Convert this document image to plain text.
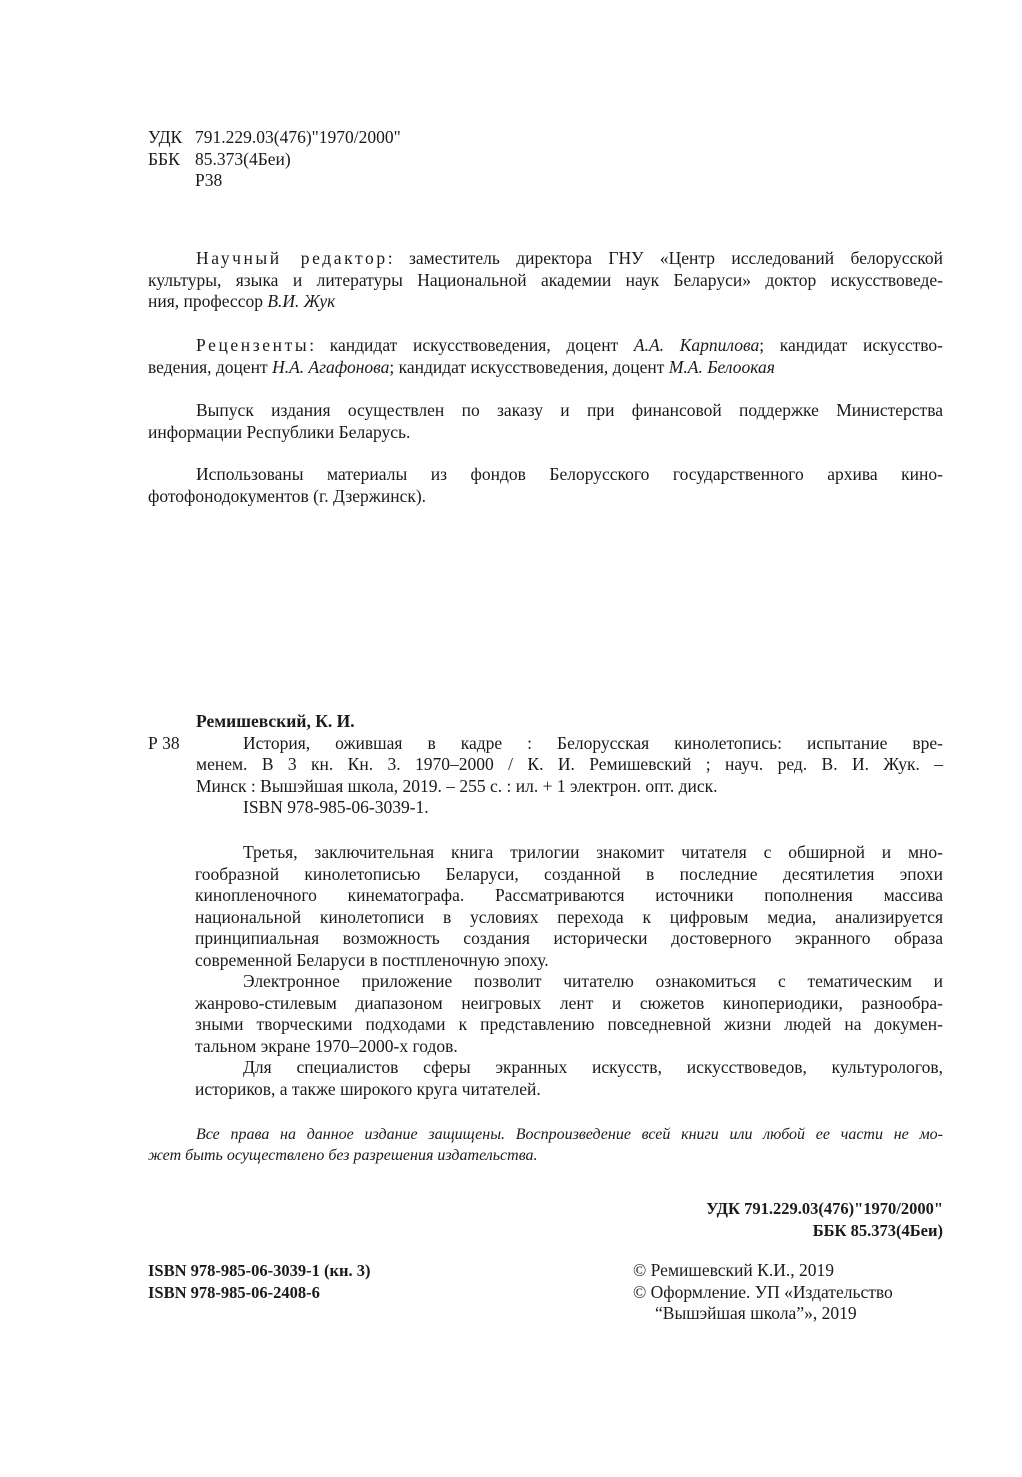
УДК 791.229.03(476)"1970/2000"
ББК 85.373(4Беи)
Р38
Научный редактор: заместитель директора ГНУ «Центр исследований белорусской
культуры, языка и литературы Национальной академии наук Беларуси» доктор искусствоведе-
ния, профессор В.И. Жук
Рецензенты: кандидат искусствоведения, доцент А.А. Карпилова; кандидат искусство-
ведения, доцент Н.А. Агафонова; кандидат искусствоведения, доцент М.А. Белоокая
Выпуск издания осуществлен по заказу и при финансовой поддержке Министерства
информации Республики Беларусь.
Использованы материалы из фондов Белорусского государственного архива кино-
фотофонодокументов (г. Дзержинск).
Ремишевский, К. И.
Р 38	История, ожившая в кадре : Белорусская кинолетопись: испытание вре-
менем. В 3 кн. Кн. 3. 1970–2000 / К. И. Ремишевский ; науч. ред. В. И. Жук. –
Минск : Вышэйшая школа, 2019. – 255 с. : ил. + 1 электрон. опт. диск.
ISBN 978-985-06-3039-1.
Третья, заключительная книга трилогии знакомит читателя с обширной и мно-
гообразной кинолетописью Беларуси, созданной в последние десятилетия эпохи
кинопленочного кинематографа. Рассматриваются источники пополнения массива
национальной кинолетописи в условиях перехода к цифровым медиа, анализируется
принципиальная возможность создания исторически достоверного экранного образа
современной Беларуси в постпленочную эпоху.
Электронное приложение позволит читателю ознакомиться с тематическим и
жанрово-стилевым диапазоном неигровых лент и сюжетов кинопериодики, разнообра-
зными творческими подходами к представлению повседневной жизни людей на докумен-
тальном экране 1970–2000-х годов.
Для специалистов сферы экранных искусств, искусствоведов, культурологов,
историков, а также широкого круга читателей.
Все права на данное издание защищены. Воспроизведение всей книги или любой ее части не мо-
жет быть осуществлено без разрешения издательства.
УДК 791.229.03(476)"1970/2000"
ББК 85.373(4Беи)
ISBN 978-985-06-3039-1 (кн. 3)
ISBN 978-985-06-2408-6
© Ремишевский К.И., 2019
© Оформление. УП «Издательство
“Вышэйшая школа”», 2019
